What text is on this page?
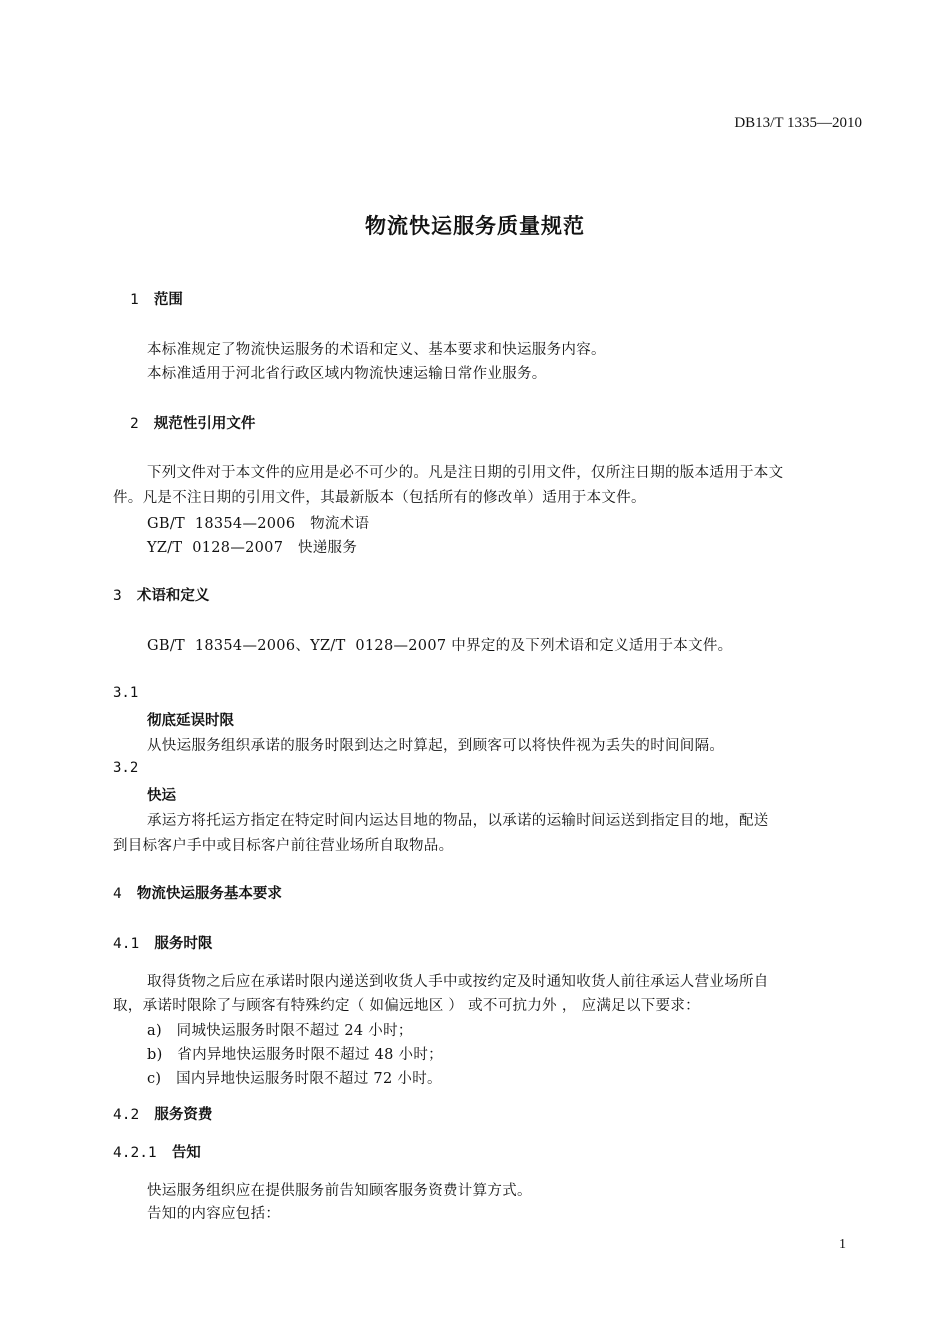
DB13/T 1335—2010
物流快运服务质量规范
1 范围
本标准规定了物流快运服务的术语和定义、基本要求和快运服务内容。
本标准适用于河北省行政区域内物流快速运输日常作业服务。
2 规范性引用文件
下列文件对于本文件的应用是必不可少的。凡是注日期的引用文件，仅所注日期的版本适用于本文
件。凡是不注日期的引用文件，其最新版本（包括所有的修改单）适用于本文件。
GB/T  18354—2006   物流术语
YZ/T  0128—2007   快递服务
3 术语和定义
GB/T  18354—2006、YZ/T  0128—2007 中界定的及下列术语和定义适用于本文件。
3.1
彻底延误时限
从快运服务组织承诺的服务时限到达之时算起，到顾客可以将快件视为丢失的时间间隔。
3.2
快运
承运方将托运方指定在特定时间内运达目地的物品，以承诺的运输时间运送到指定目的地，配送
到目标客户手中或目标客户前往营业场所自取物品。
4 物流快运服务基本要求
4.1 服务时限
取得货物之后应在承诺时限内递送到收货人手中或按约定及时通知收货人前往承运人营业场所自
取，承诺时限除了与顾客有特殊约定（ 如偏远地区 ） 或不可抗力外 ， 应满足以下要求：
a) 同城快运服务时限不超过 24 小时；
b) 省内异地快运服务时限不超过 48 小时；
c) 国内异地快运服务时限不超过 72 小时。
4.2 服务资费
4.2.1 告知
快运服务组织应在提供服务前告知顾客服务资费计算方式。
告知的内容应包括：
1
